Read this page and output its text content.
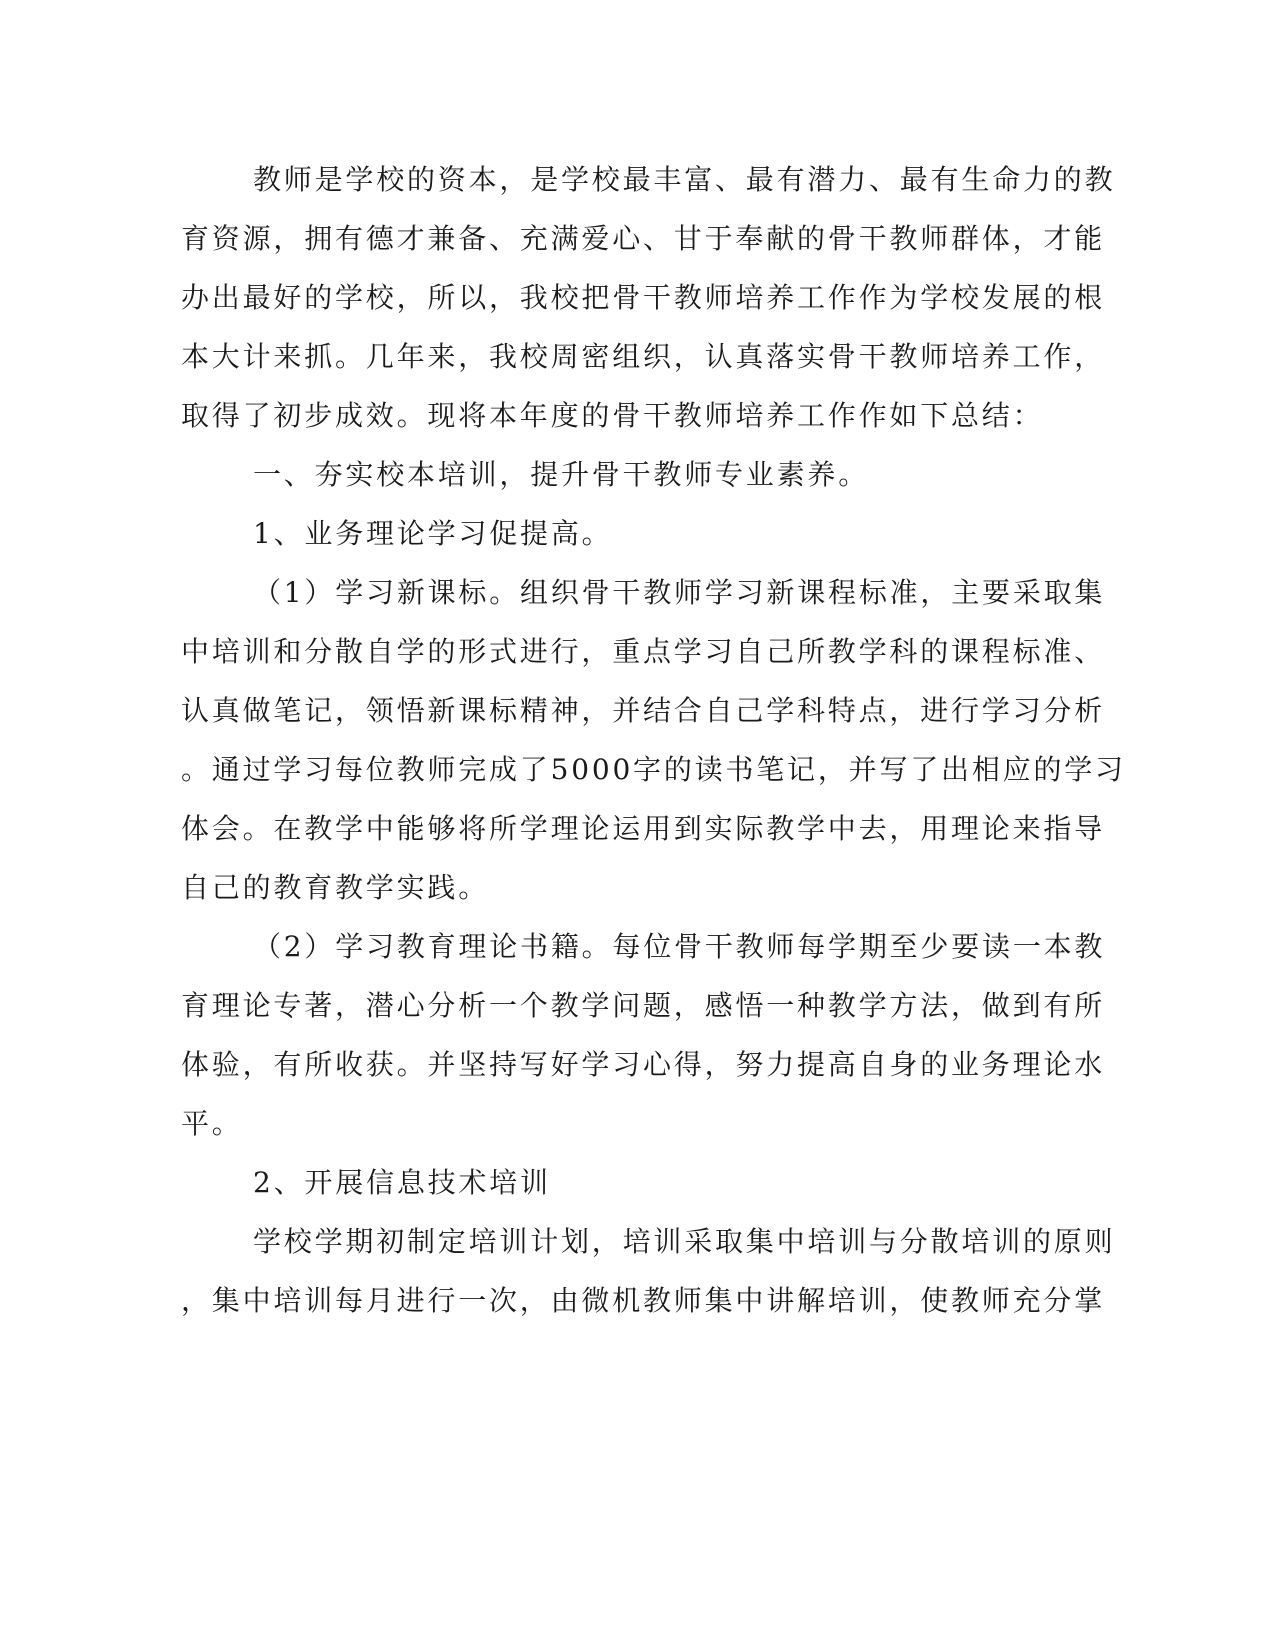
教师是学校的资本，是学校最丰富、最有潜力、最有生命力的教
育资源，拥有德才兼备、充满爱心、甘于奉献的骨干教师群体，才能
办出最好的学校，所以，我校把骨干教师培养工作作为学校发展的根
本大计来抓。几年来，我校周密组织，认真落实骨干教师培养工作，
取得了初步成效。现将本年度的骨干教师培养工作作如下总结：
一、夯实校本培训，提升骨干教师专业素养。
1、业务理论学习促提高。
（1）学习新课标。组织骨干教师学习新课程标准，主要采取集
中培训和分散自学的形式进行，重点学习自己所教学科的课程标准、
认真做笔记，领悟新课标精神，并结合自己学科特点，进行学习分析
。通过学习每位教师完成了5000字的读书笔记，并写了出相应的学习
体会。在教学中能够将所学理论运用到实际教学中去，用理论来指导
自己的教育教学实践。
（2）学习教育理论书籍。每位骨干教师每学期至少要读一本教
育理论专著，潜心分析一个教学问题，感悟一种教学方法，做到有所
体验，有所收获。并坚持写好学习心得，努力提高自身的业务理论水
平。
2、开展信息技术培训
学校学期初制定培训计划，培训采取集中培训与分散培训的原则
，集中培训每月进行一次，由微机教师集中讲解培训，使教师充分掌
